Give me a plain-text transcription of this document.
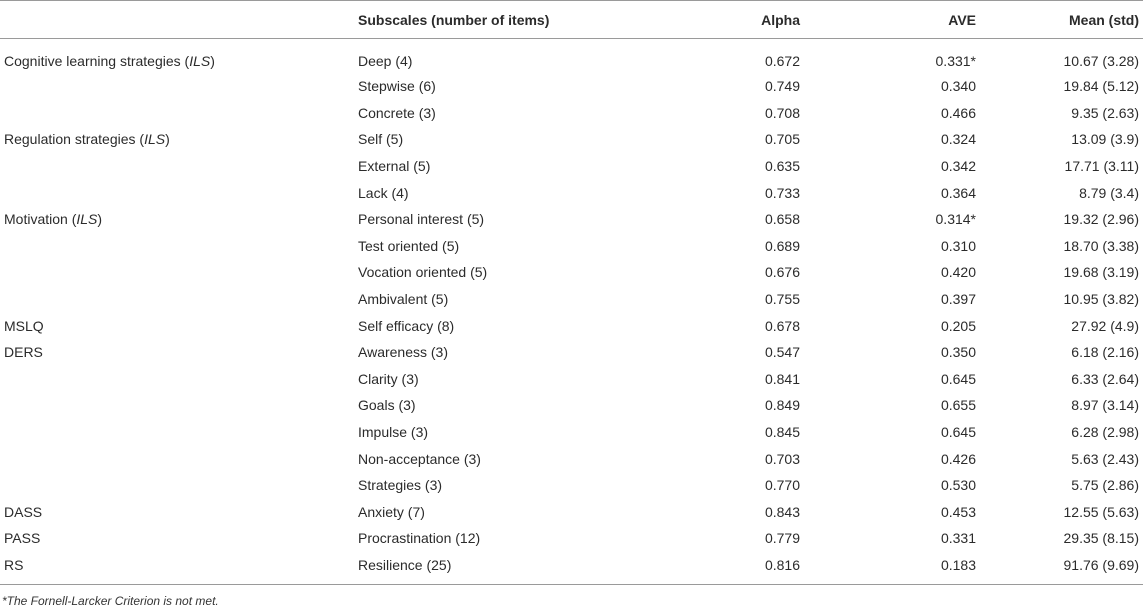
	Subscales (number of items)	Alpha	AVE	Mean (std)
Cognitive learning strategies (ILS)	Deep (4)	0.672	0.331*	10.67 (3.28)
	Stepwise (6)	0.749	0.340	19.84 (5.12)
	Concrete (3)	0.708	0.466	9.35 (2.63)
Regulation strategies (ILS)	Self (5)	0.705	0.324	13.09 (3.9)
	External (5)	0.635	0.342	17.71 (3.11)
	Lack (4)	0.733	0.364	8.79 (3.4)
Motivation (ILS)	Personal interest (5)	0.658	0.314*	19.32 (2.96)
	Test oriented (5)	0.689	0.310	18.70 (3.38)
	Vocation oriented (5)	0.676	0.420	19.68 (3.19)
	Ambivalent (5)	0.755	0.397	10.95 (3.82)
MSLQ	Self efficacy (8)	0.678	0.205	27.92 (4.9)
DERS	Awareness (3)	0.547	0.350	6.18 (2.16)
	Clarity (3)	0.841	0.645	6.33 (2.64)
	Goals (3)	0.849	0.655	8.97 (3.14)
	Impulse (3)	0.845	0.645	6.28 (2.98)
	Non-acceptance (3)	0.703	0.426	5.63 (2.43)
	Strategies (3)	0.770	0.530	5.75 (2.86)
DASS	Anxiety (7)	0.843	0.453	12.55 (5.63)
PASS	Procrastination (12)	0.779	0.331	29.35 (8.15)
RS	Resilience (25)	0.816	0.183	91.76 (9.69)
*The Fornell-Larcker Criterion is not met.
